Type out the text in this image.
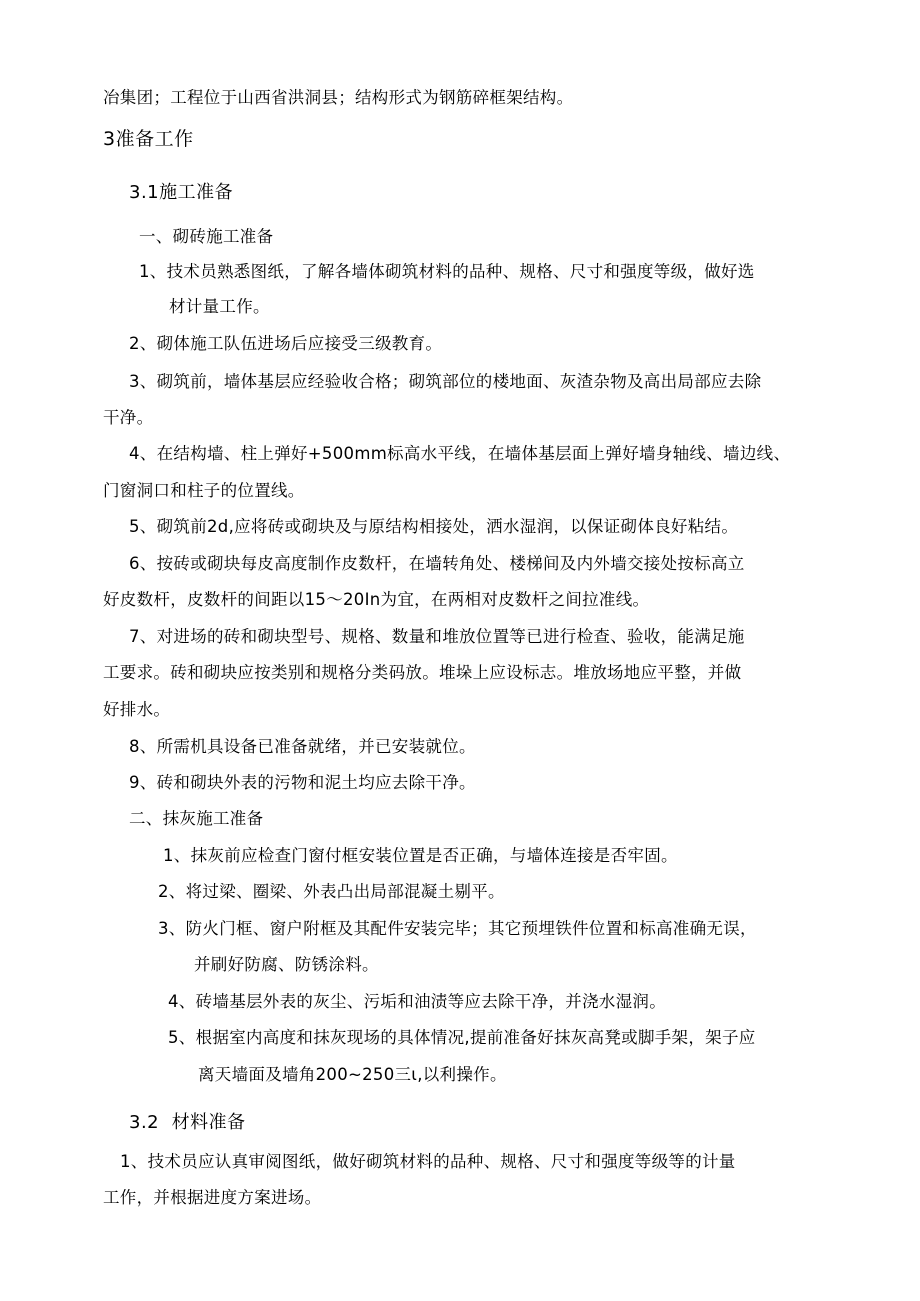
冶集团；工程位于山西省洪洞县；结构形式为钢筋碎框架结构。
3准备工作
3.1施工准备
一、砌砖施工准备
1、技术员熟悉图纸，了解各墙体砌筑材料的品种、规格、尺寸和强度等级，做好选
材计量工作。
2、砌体施工队伍进场后应接受三级教育。
3、砌筑前，墙体基层应经验收合格；砌筑部位的楼地面、灰渣杂物及高出局部应去除
干净。
4、在结构墙、柱上弹好+500mm标高水平线，在墙体基层面上弹好墙身轴线、墙边线、
门窗洞口和柱子的位置线。
5、砌筑前2d,应将砖或砌块及与原结构相接处，洒水湿润，以保证砌体良好粘结。
6、按砖或砌块每皮高度制作皮数杆，在墙转角处、楼梯间及内外墙交接处按标高立
好皮数杆，皮数杆的间距以15～20In为宜，在两相对皮数杆之间拉准线。
7、对进场的砖和砌块型号、规格、数量和堆放位置等已进行检查、验收，能满足施
工要求。砖和砌块应按类别和规格分类码放。堆垛上应设标志。堆放场地应平整，并做
好排水。
8、所需机具设备已准备就绪，并已安装就位。
9、砖和砌块外表的污物和泥土均应去除干净。
二、抹灰施工准备
1、抹灰前应检查门窗付框安装位置是否正确，与墙体连接是否牢固。
2、将过梁、圈梁、外表凸出局部混凝土剔平。
3、防火门框、窗户附框及其配件安装完毕；其它预埋铁件位置和标高准确无误，
并刷好防腐、防锈涂料。
4、砖墙基层外表的灰尘、污垢和油渍等应去除干净，并浇水湿润。
5、根据室内高度和抹灰现场的具体情况,提前准备好抹灰高凳或脚手架，架子应
离天墙面及墙角200~250三ι,以利操作。
3.2  材料准备
1、技术员应认真审阅图纸，做好砌筑材料的品种、规格、尺寸和强度等级等的计量
工作，并根据进度方案进场。
